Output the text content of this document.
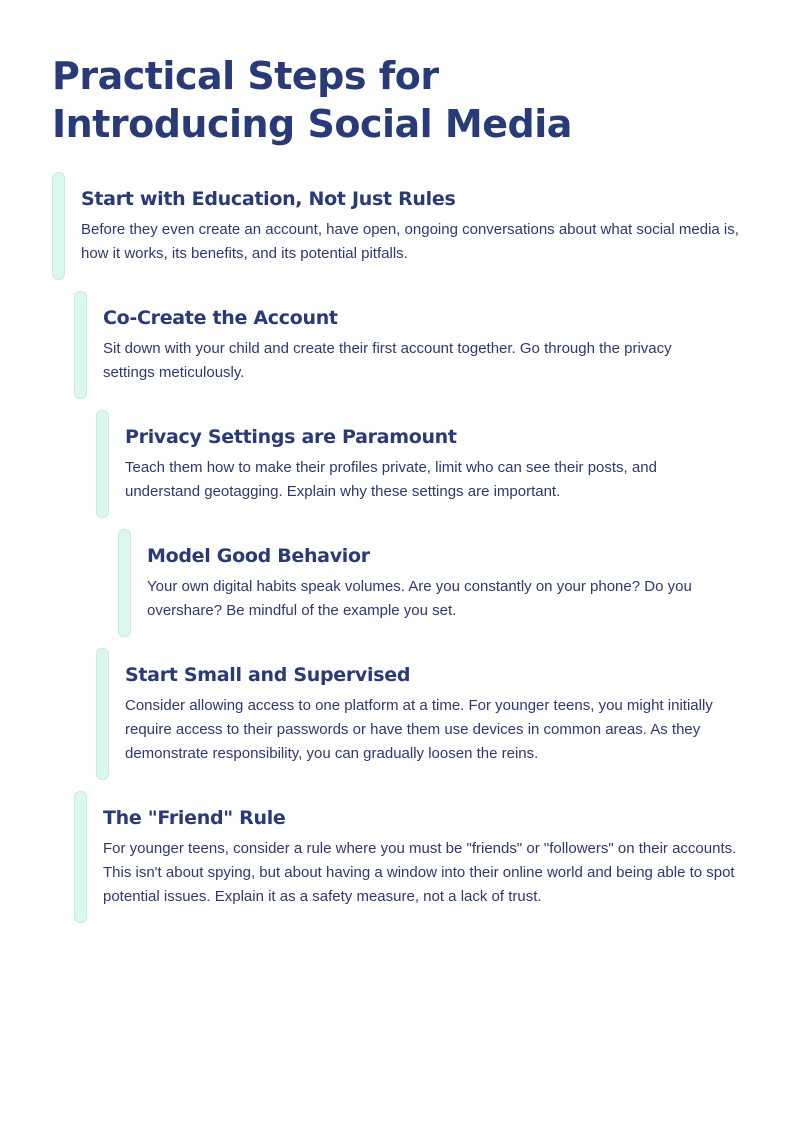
Practical Steps for
Introducing Social Media
Start with Education, Not Just Rules

Before they even create an account, have open, ongoing conversations about what social media is, how it works, its benefits, and its potential pitfalls.

Co-Create the Account

Sit down with your child and create their first account together. Go through the privacy settings meticulously.

Privacy Settings are Paramount

Teach them how to make their profiles private, limit who can see their posts, and understand geotagging. Explain why these settings are important.

Model Good Behavior

Your own digital habits speak volumes. Are you constantly on your phone? Do you overshare? Be mindful of the example you set.

Start Small and Supervised

Consider allowing access to one platform at a time. For younger teens, you might initially require access to their passwords or have them use devices in common areas. As they demonstrate responsibility, you can gradually loosen the reins.

The "Friend" Rule

For younger teens, consider a rule where you must be "friends" or "followers" on their accounts. This isn't about spying, but about having a window into their online world and being able to spot potential issues. Explain it as a safety measure, not a lack of trust.
